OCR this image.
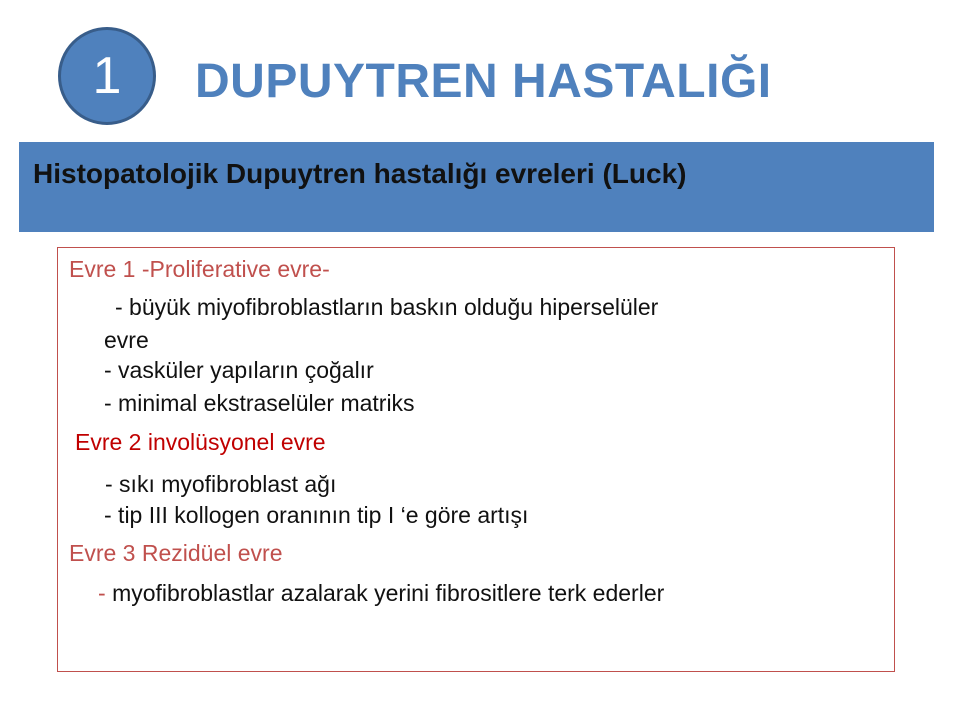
1 DUPUYTREN HASTALIĞI
Histopatolojik Dupuytren hastalığı evreleri (Luck)
Evre 1 -Proliferative evre-
- büyük miyofibroblastların baskın olduğu hiperselüler
evre
- vasküler yapıların çoğalır
- minimal ekstraselüler matriks
Evre 2 involüsyonel evre
- sıkı myofibroblast ağı
- tip III kollogen oranının tip I ‘e göre artışı
Evre 3 Rezidüel evre
- myofibroblastlar azalarak yerini fibrositlere terk ederler
